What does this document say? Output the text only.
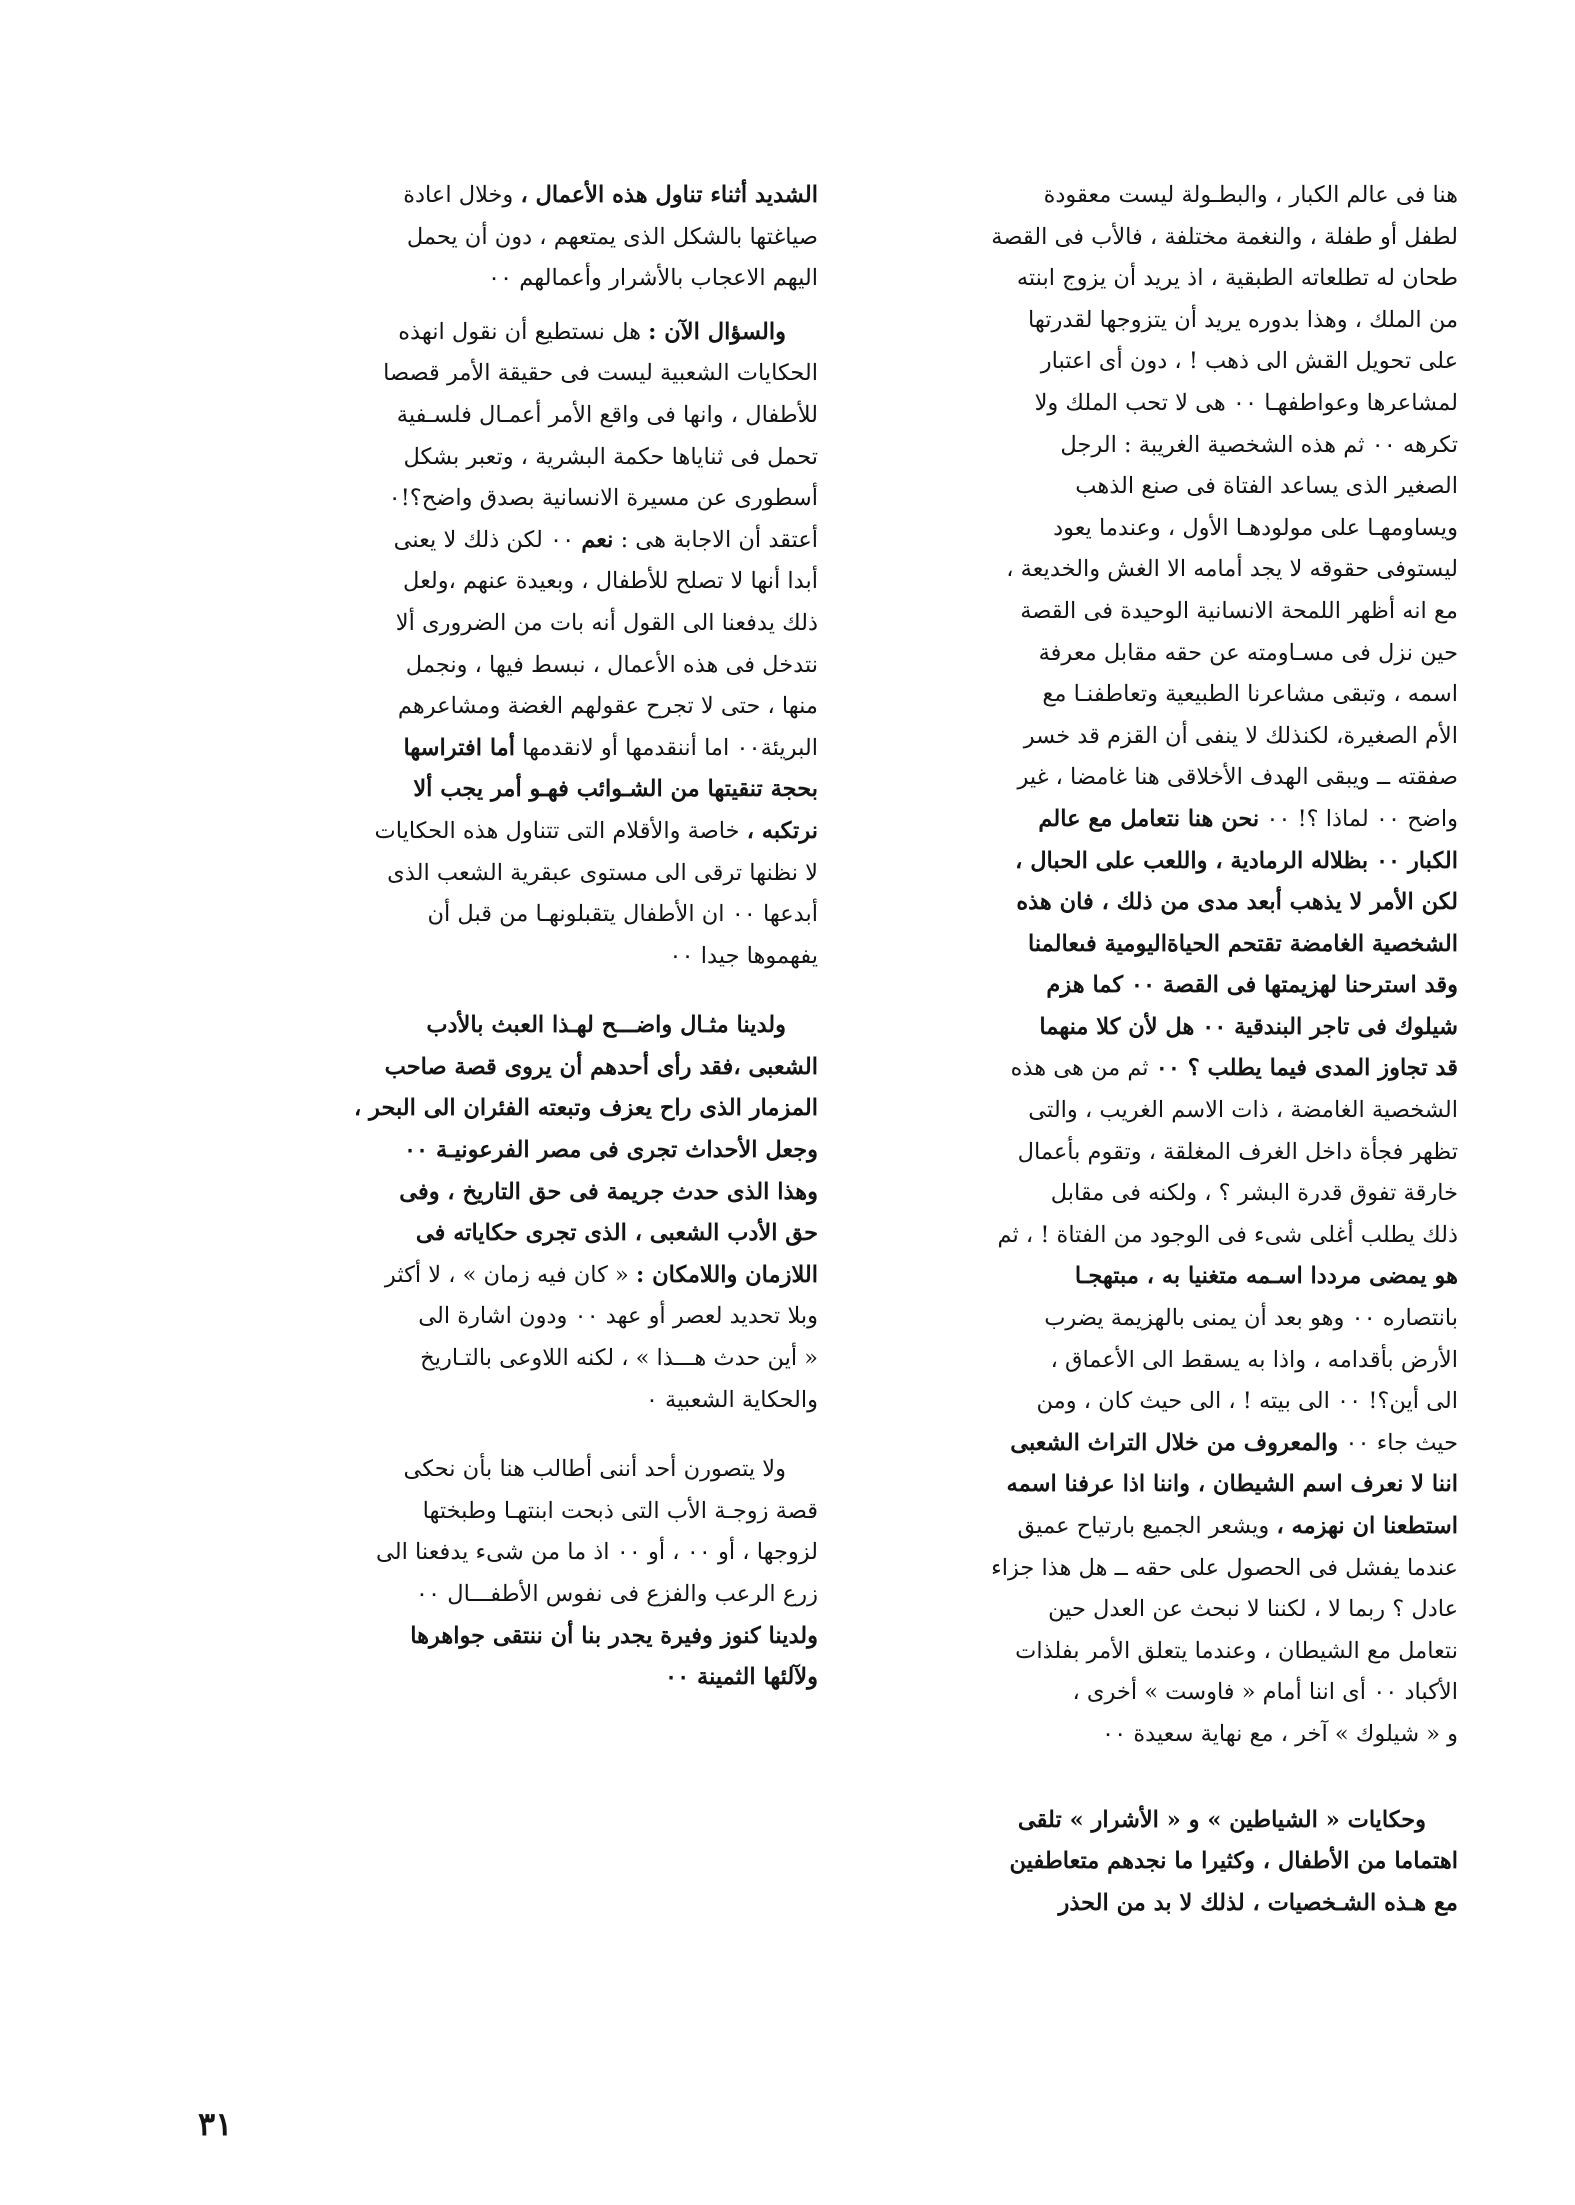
هنا فى عالم الكبار ، والبطـولة ليست معقودة
لطفل أو طفلة ، والنغمة مختلفة ، فالأب فى القصة
طحان له تطلعاته الطبقية ، اذ يريد أن يزوج ابنته
من الملك ، وهذا بدوره يريد أن يتزوجها لقدرتها
على تحويل القش الى ذهب ! ، دون أى اعتبار
لمشاعرها وعواطفهـا ٠٠ هى لا تحب الملك ولا
تكرهه ٠٠ ثم هذه الشخصية الغريبة : الرجل
الصغير الذى يساعد الفتاة فى صنع الذهب
ويساومهـا على مولودهـا الأول ، وعندما يعود
ليستوفى حقوقه لا يجد أمامه الا الغش والخديعة ،
مع انه أظهر اللمحة الانسانية الوحيدة فى القصة
حين نزل فى مسـاومته عن حقه مقابل معرفة
اسمه ، وتبقى مشاعرنا الطبيعية وتعاطفنـا مع
الأم الصغيرة، لكنذلك لا ينفى أن القزم قد خسر
صفقته ــ ويبقى الهدف الأخلاقى هنا غامضا ، غير
واضح ٠٠ لماذا ؟! ٠٠ نحن هنا نتعامل مع عالم
الكبار ٠٠ بظلاله الرمادية ، واللعب على الحبال ،
لكن الأمر لا يذهب أبعد مدى من ذلك ، فان هذه
الشخصية الغامضة تقتحم الحياةاليومية فىعالمنا
وقد استرحنا لهزيمتها فى القصة ٠٠ كما هزم
شيلوك فى تاجر البندقية ٠٠ هل لأن كلا منهما
قد تجاوز المدى فيما يطلب ؟ ٠٠ ثم من هى هذه
الشخصية الغامضة ، ذات الاسم الغريب ، والتى
تظهر فجأة داخل الغرف المغلقة ، وتقوم بأعمال
خارقة تفوق قدرة البشر ؟ ، ولكنه فى مقابل
ذلك يطلب أغلى شىء فى الوجود من الفتاة ! ، ثم
هو يمضى مرددا اسـمه متغنيا به ، مبتهجـا
بانتصاره ٠٠ وهو بعد أن يمنى بالهزيمة يضرب
الأرض بأقدامه ، واذا به يسقط الى الأعماق ،
الى أين؟! ٠٠ الى بيته ! ، الى حيث كان ، ومن
حيث جاء ٠٠ والمعروف من خلال التراث الشعبى
اننا لا نعرف اسم الشيطان ، واننا اذا عرفنا اسمه
استطعنا ان نهزمه ، ويشعر الجميع بارتياح عميق
عندما يفشل فى الحصول على حقه ــ هل هذا جزاء
عادل ؟ ربما لا ، لكننا لا نبحث عن العدل حين
نتعامل مع الشيطان ، وعندما يتعلق الأمر بفلذات
الأكباد ٠٠ أى اننا أمام « فاوست » أخرى ،
و « شيلوك » آخر ، مع نهاية سعيدة ٠٠

وحكايات « الشياطين » و « الأشرار » تلقى
اهتماما من الأطفال ، وكثيرا ما نجدهم متعاطفين
مع هـذه الشـخصيات ، لذلك لا بد من الحذر

الشديد أثناء تناول هذه الأعمال ، وخلال اعادة
صياغتها بالشكل الذى يمتعهم ، دون أن يحمل
اليهم الاعجاب بالأشرار وأعمالهم ٠٠

والسؤال الآن : هل نستطيع أن نقول انهذه
الحكايات الشعبية ليست فى حقيقة الأمر قصصا
للأطفال ، وانها فى واقع الأمر أعمـال فلسـفية
تحمل فى ثناياها حكمة البشرية ، وتعبر بشكل
أسطورى عن مسيرة الانسانية بصدق واضح؟!٠
أعتقد أن الاجابة هى : نعم ٠٠ لكن ذلك لا يعنى
أبدا أنها لا تصلح للأطفال ، وبعيدة عنهم ،ولعل
ذلك يدفعنا الى القول أنه بات من الضرورى ألا
نتدخل فى هذه الأعمال ، نبسط فيها ، ونجمل
منها ، حتى لا تجرح عقولهم الغضة ومشاعرهم
البريئة٠٠ اما أننقدمها أو لانقدمها أما افتراسها
بحجة تنقيتها من الشـوائب فهـو أمر يجب ألا
نرتكبه ، خاصة والأقلام التى تتناول هذه الحكايات
لا نظنها ترقى الى مستوى عبقرية الشعب الذى
أبدعها ٠٠ ان الأطفال يتقبلونهـا من قبل أن
يفهموها جيدا ٠٠

ولدينا مثـال واضـــح لهـذا العبث بالأدب
الشعبى ،فقد رأى أحدهم أن يروى قصة صاحب
المزمار الذى راح يعزف وتبعته الفئران الى البحر ،
وجعل الأحداث تجرى فى مصر الفرعونيـة ٠٠
وهذا الذى حدث جريمة فى حق التاريخ ، وفى
حق الأدب الشعبى ، الذى تجرى حكاياته فى
اللازمان واللامكان : « كان فيه زمان » ، لا أكثر
وبلا تحديد لعصر أو عهد ٠٠ ودون اشارة الى
« أين حدث هـــذا » ، لكنه اللاوعى بالتـاريخ
والحكاية الشعبية ٠

ولا يتصورن أحد أننى أطالب هنا بأن نحكى
قصة زوجـة الأب التى ذبحت ابنتهـا وطبختها
لزوجها ، أو ٠٠ ، أو ٠٠ اذ ما من شىء يدفعنا الى
زرع الرعب والفزع فى نفوس الأطفـــال ٠٠
ولدينا كنوز وفيرة يجدر بنا أن ننتقى جواهرها
ولآلئها الثمينة ٠٠

٣١
